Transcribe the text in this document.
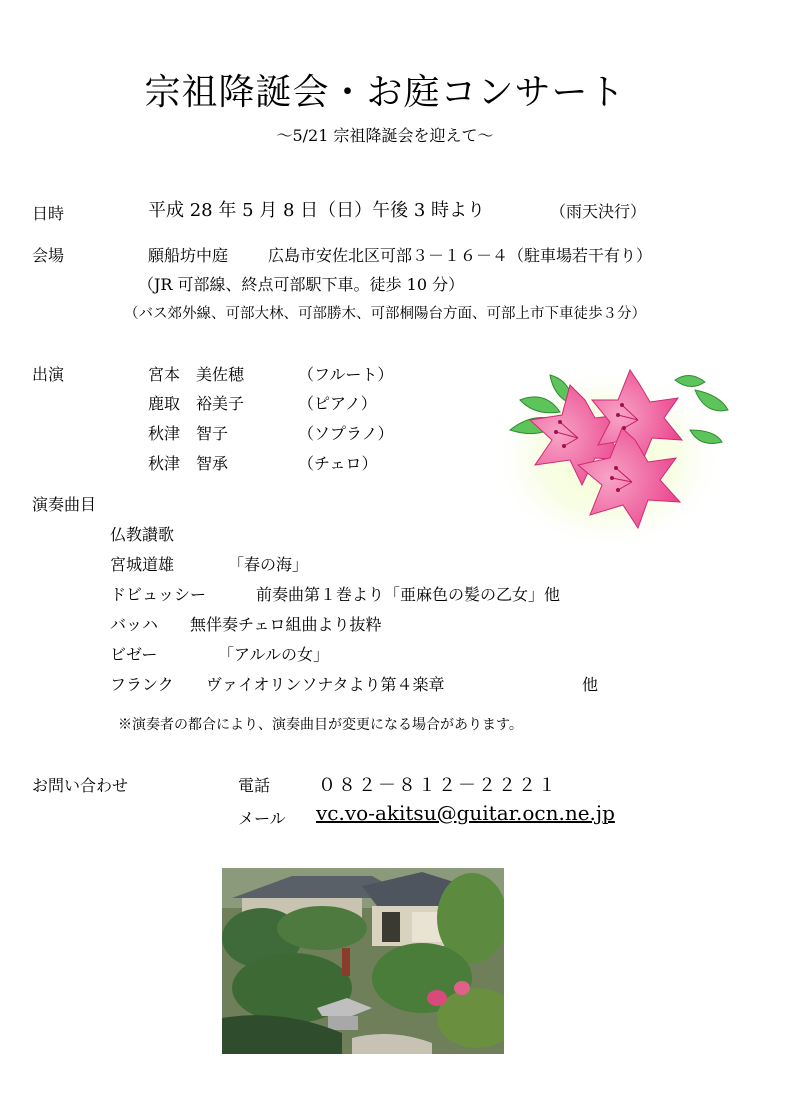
宗祖降誕会・お庭コンサート
～5/21 宗祖降誕会を迎えて～
日時	平成 28 年 5 月 8 日（日）午後 3 時より	（雨天決行）
会場	願船坊中庭 広島市安佐北区可部３－１６－４（駐車場若干有り）
（JR 可部線、終点可部駅下車。徒歩 10 分）
（バス郊外線、可部大林、可部勝木、可部桐陽台方面、可部上市下車徒歩３分）
出演	宮本　美佐穂	（フルート）
鹿取　裕美子	（ピアノ）
秋津　智子	（ソプラノ）
秋津　智承	（チェロ）
演奏曲目
仏教讃歌
宮城道雄	「春の海」
ドビュッシー	前奏曲第１巻より「亜麻色の髪の乙女」他
バッハ 無伴奏チェロ組曲より抜粋
ビゼー	「アルルの女」
フランク ヴァイオリンソナタより第４楽章	他
※演奏者の都合により、演奏曲目が変更になる場合があります。
お問い合わせ	電話	０８２－８１２－２２２１
メール vc.vo-akitsu@guitar.ocn.ne.jp
